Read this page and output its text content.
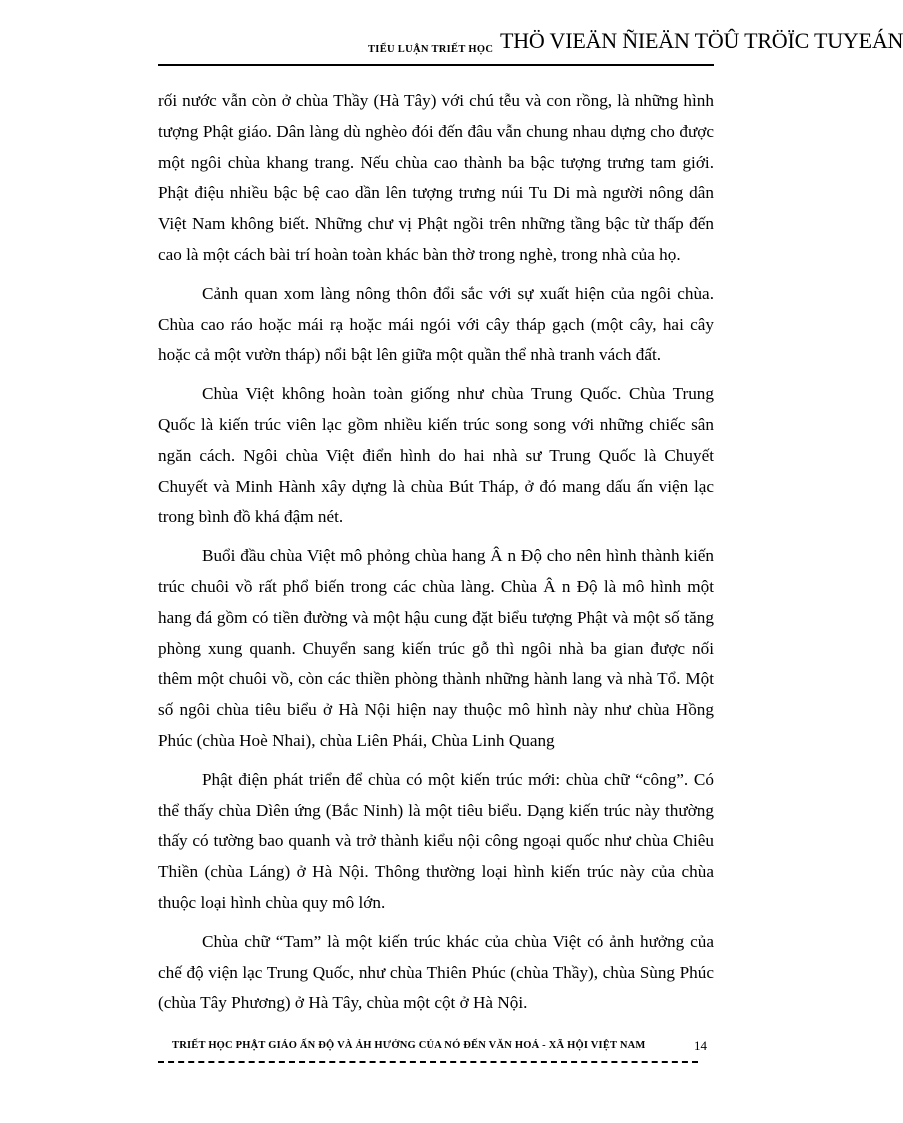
TIỂU LUẬN TRIẾT HỌC THÖ VIEÄN ÑIEÄN TÖÛ TRÖÏC TUYEÁN

rối nước vẫn còn ở chùa Thầy (Hà Tây) với chú tễu và con rồng, là những hình tượng Phật giáo. Dân làng dù nghèo đói đến đâu vẫn chung nhau dựng cho được một ngôi chùa khang trang. Nếu chùa cao thành ba bậc tượng trưng tam giới. Phật điệu nhiều bậc bệ cao dần lên tượng trưng núi Tu Di mà người nông dân Việt Nam không biết. Những chư vị Phật ngồi trên những tầng bậc từ thấp đến cao là một cách bài trí hoàn toàn khác bàn thờ trong nghè, trong nhà của họ.

Cảnh quan xom làng nông thôn đổi sắc với sự xuất hiện của ngôi chùa. Chùa cao ráo hoặc mái rạ hoặc mái ngói với cây tháp gạch (một cây, hai cây hoặc cả một vườn tháp) nổi bật lên giữa một quần thể nhà tranh vách đất.

Chùa Việt không hoàn toàn giống như chùa Trung Quốc. Chùa Trung Quốc là kiến trúc viên lạc gồm nhiều kiến trúc song song với những chiếc sân ngăn cách. Ngôi chùa Việt điển hình do hai nhà sư Trung Quốc là Chuyết Chuyết và Minh Hành xây dựng là chùa Bút Tháp, ở đó mang dấu ấn viện lạc trong bình đồ khá đậm nét.

Buổi đầu chùa Việt mô phỏng chùa hang Â n Độ cho nên hình thành kiến trúc chuôi vồ rất phổ biến trong các chùa làng. Chùa Â n Độ là mô hình một hang đá gồm có tiền đường và một hậu cung đặt biểu tượng Phật và một số tăng phòng xung quanh. Chuyển sang kiến trúc gỗ thì ngôi nhà ba gian được nối thêm một chuôi vồ, còn các thiền phòng thành những hành lang và nhà Tổ. Một số ngôi chùa tiêu biểu ở Hà Nội hiện nay thuộc mô hình này như chùa Hồng Phúc (chùa Hoè Nhai), chùa Liên Phái, Chùa Linh Quang

Phật điện phát triển để chùa có một kiến trúc mới: chùa chữ “công”. Có thể thấy chùa Dìên ứng (Bắc Ninh) là một tiêu biểu. Dạng kiến trúc này thường thấy có tường bao quanh và trở thành kiểu nội công ngoại quốc như chùa Chiêu Thiền (chùa Láng) ở Hà Nội. Thông thường loại hình kiến trúc này của chùa thuộc loại hình chùa quy mô lớn.

Chùa chữ “Tam” là một kiến trúc khác của chùa Việt có ảnh hưởng của chế độ viện lạc Trung Quốc, như chùa Thiên Phúc (chùa Thầy), chùa Sùng Phúc (chùa Tây Phương) ở Hà Tây, chùa một cột ở Hà Nội.

TRIẾT HỌC PHẬT GIÁO ẤN ĐỘ VÀ ẢH HƯỞNG CỦA NÓ ĐẾN VĂN HOÁ - XÃ HỘI VIỆT NAM	14
